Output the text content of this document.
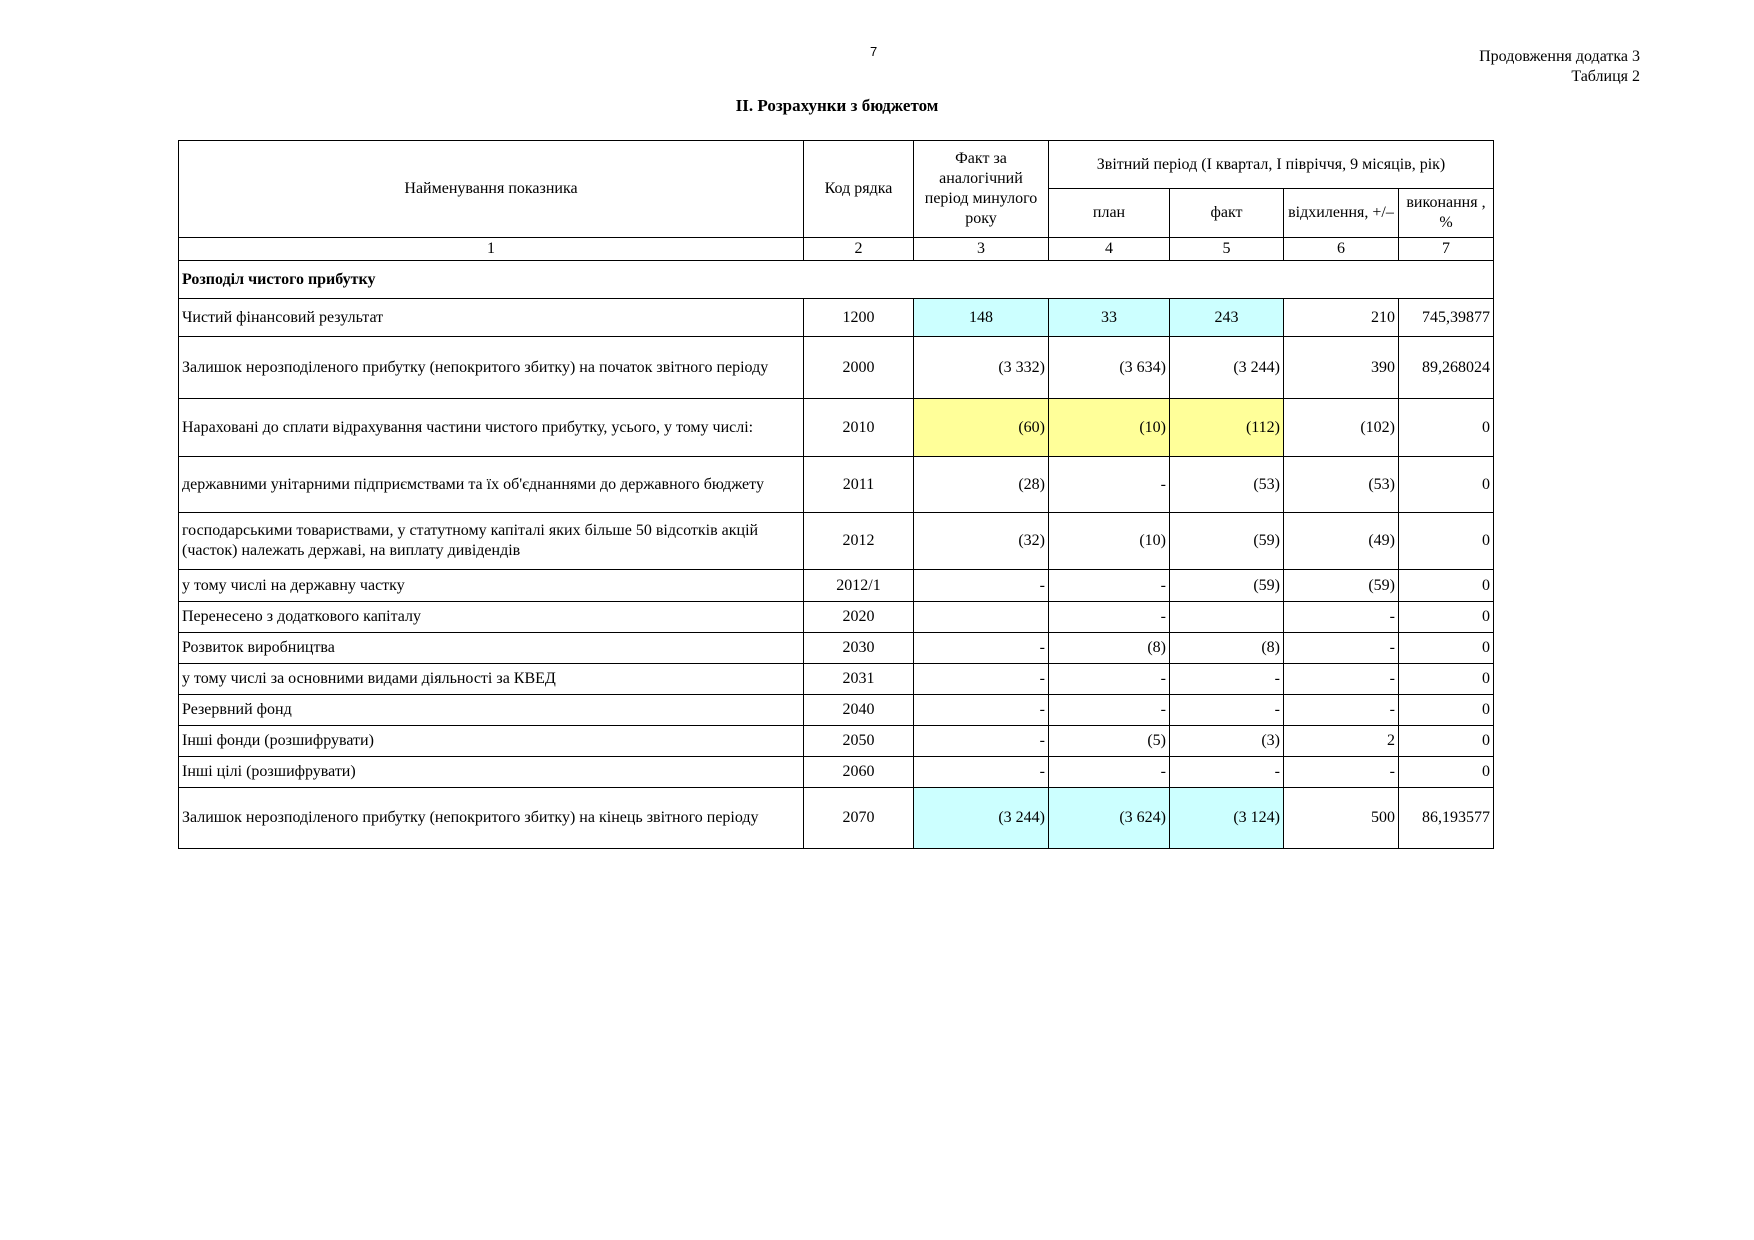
7	Продовження додатка 3
Таблиця 2
ІІ. Розрахунки з бюджетом
Найменування показника	Код рядка	Факт за аналогічний період минулого року	Звітний період (І квартал, І півріччя, 9 місяців, рік)			
			план	факт	відхилення, +/–	виконання , %
1	2	3	4	5	6	7
Розподіл чистого прибутку						
Чистий фінансовий результат	1200	148	33	243	210	745,39877
Залишок нерозподіленого прибутку (непокритого збитку) на початок звітного періоду	2000	(3 332)	(3 634)	(3 244)	390	89,268024
Нараховані до сплати відрахування частини чистого прибутку, усього, у тому числі:	2010	(60)	(10)	(112)	(102)	0
державними унітарними підприємствами та їх об'єднаннями до державного бюджету	2011	(28)	-	(53)	(53)	0
господарськими товариствами, у статутному капіталі яких більше 50 відсотків акцій (часток) належать державі, на виплату дивідендів	2012	(32)	(10)	(59)	(49)	0
у тому числі на державну частку	2012/1	-	-	(59)	(59)	0
Перенесено з додаткового капіталу	2020		-		-	0
Розвиток виробництва	2030	-	(8)	(8)	-	0
у тому числі за основними видами діяльності за КВЕД	2031	-	-	-	-	0
Резервний фонд	2040	-	-	-	-	0
Інші фонди (розшифрувати)	2050	-	(5)	(3)	2	0
Інші цілі (розшифрувати)	2060	-	-	-	-	0
Залишок нерозподіленого прибутку (непокритого збитку) на кінець звітного періоду	2070	(3 244)	(3 624)	(3 124)	500	86,193577
